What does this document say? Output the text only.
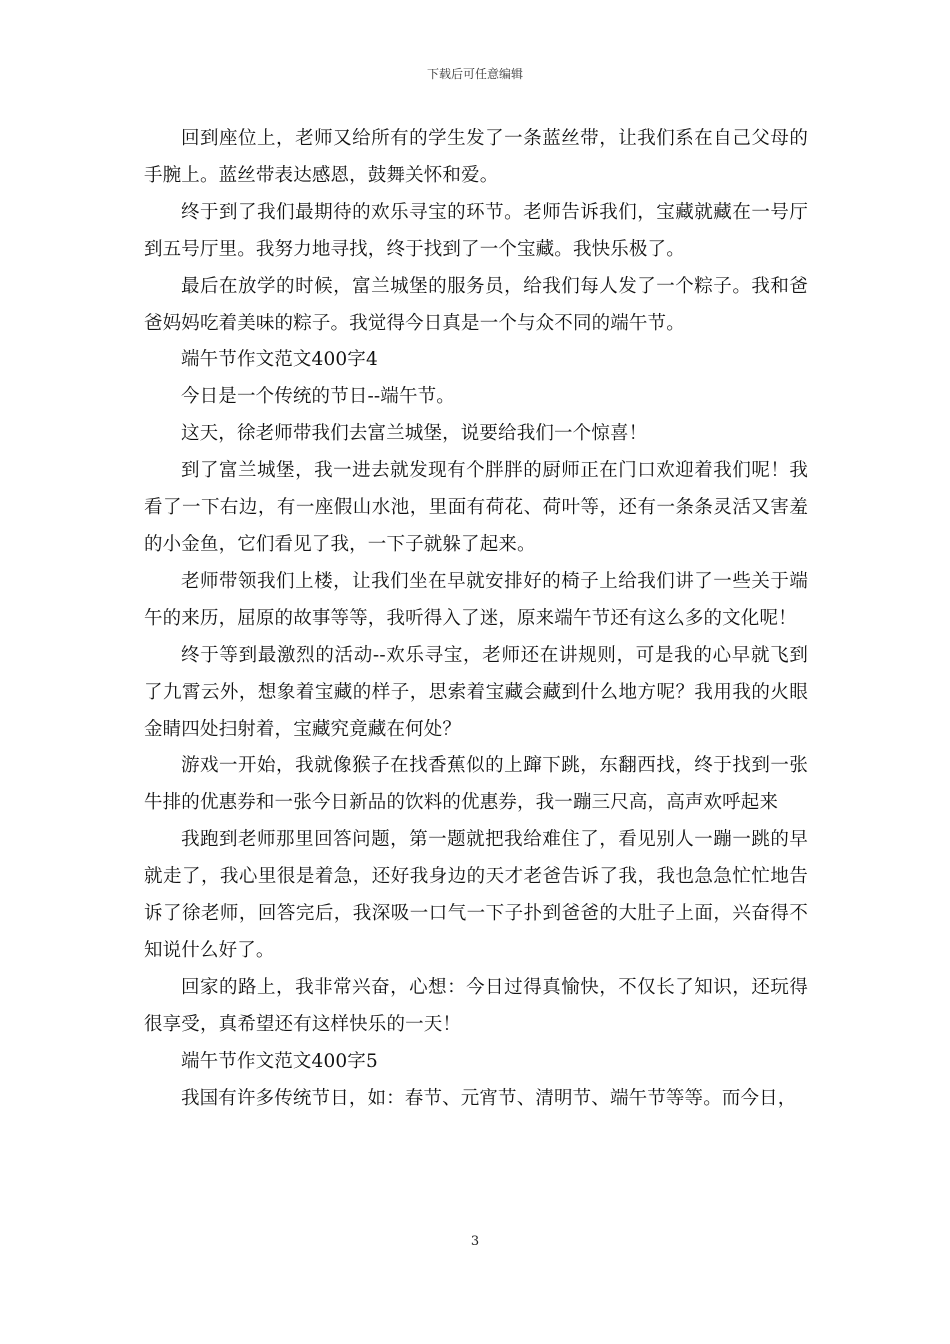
下载后可任意编辑

回到座位上，老师又给所有的学生发了一条蓝丝带，让我们系在自己父母的手腕上。蓝丝带表达感恩，鼓舞关怀和爱。

终于到了我们最期待的欢乐寻宝的环节。老师告诉我们，宝藏就藏在一号厅到五号厅里。我努力地寻找，终于找到了一个宝藏。我快乐极了。

最后在放学的时候，富兰城堡的服务员，给我们每人发了一个粽子。我和爸爸妈妈吃着美味的粽子。我觉得今日真是一个与众不同的端午节。

端午节作文范文400字4

今日是一个传统的节日--端午节。

这天，徐老师带我们去富兰城堡，说要给我们一个惊喜！

到了富兰城堡，我一进去就发现有个胖胖的厨师正在门口欢迎着我们呢！我看了一下右边，有一座假山水池，里面有荷花、荷叶等，还有一条条灵活又害羞的小金鱼，它们看见了我，一下子就躲了起来。

老师带领我们上楼，让我们坐在早就安排好的椅子上给我们讲了一些关于端午的来历，屈原的故事等等，我听得入了迷，原来端午节还有这么多的文化呢！

终于等到最激烈的活动--欢乐寻宝，老师还在讲规则，可是我的心早就飞到了九霄云外，想象着宝藏的样子，思索着宝藏会藏到什么地方呢？我用我的火眼金睛四处扫射着，宝藏究竟藏在何处？

游戏一开始，我就像猴子在找香蕉似的上蹿下跳，东翻西找，终于找到一张牛排的优惠券和一张今日新品的饮料的优惠券，我一蹦三尺高，高声欢呼起来

我跑到老师那里回答问题，第一题就把我给难住了，看见别人一蹦一跳的早就走了，我心里很是着急，还好我身边的天才老爸告诉了我，我也急急忙忙地告诉了徐老师，回答完后，我深吸一口气一下子扑到爸爸的大肚子上面，兴奋得不知说什么好了。

回家的路上，我非常兴奋，心想：今日过得真愉快，不仅长了知识，还玩得很享受，真希望还有这样快乐的一天！

端午节作文范文400字5

我国有许多传统节日，如：春节、元宵节、清明节、端午节等等。而今日，

3
